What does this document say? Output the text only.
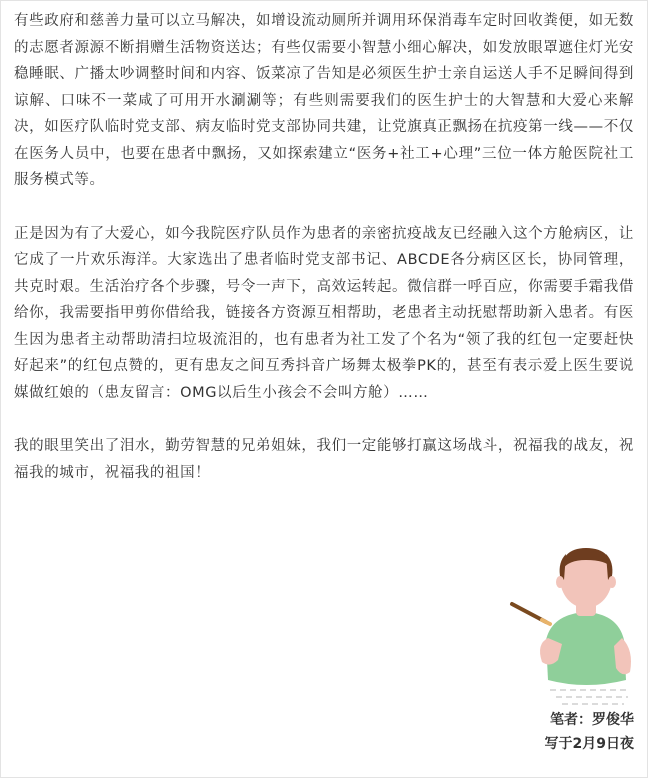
有些政府和慈善力量可以立马解决，如增设流动厕所并调用环保消毒车定时回收粪便，如无数的志愿者源源不断捐赠生活物资送达；有些仅需要小智慧小细心解决，如发放眼罩遮住灯光安稳睡眠、广播太吵调整时间和内容、饭菜凉了告知是必须医生护士亲自运送人手不足瞬间得到谅解、口味不一菜咸了可用开水涮涮等；有些则需要我们的医生护士的大智慧和大爱心来解决，如医疗队临时党支部、病友临时党支部协同共建，让党旗真正飘扬在抗疫第一线——不仅在医务人员中，也要在患者中飘扬，又如探索建立“医务+社工+心理”三位一体方舱医院社工服务模式等。

正是因为有了大爱心，如今我院医疗队员作为患者的亲密抗疫战友已经融入这个方舱病区，让它成了一片欢乐海洋。大家选出了患者临时党支部书记、ABCDE各分病区区长，协同管理，共克时艰。生活治疗各个步骤，号令一声下，高效运转起。微信群一呼百应，你需要手霜我借给你，我需要指甲剪你借给我，链接各方资源互相帮助，老患者主动抚慰帮助新入患者。有医生因为患者主动帮助清扫垃圾流泪的，也有患者为社工发了个名为“领了我的红包一定要赶快好起来”的红包点赞的，更有患友之间互秀抖音广场舞太极拳PK的，甚至有表示爱上医生要说媒做红娘的（患友留言：OMG以后生小孩会不会叫方舱）……

我的眼里笑出了泪水，勤劳智慧的兄弟姐妹，我们一定能够打赢这场战斗，祝福我的战友，祝福我的城市，祝福我的祖国！

笔者：罗俊华
写于2月9日夜
